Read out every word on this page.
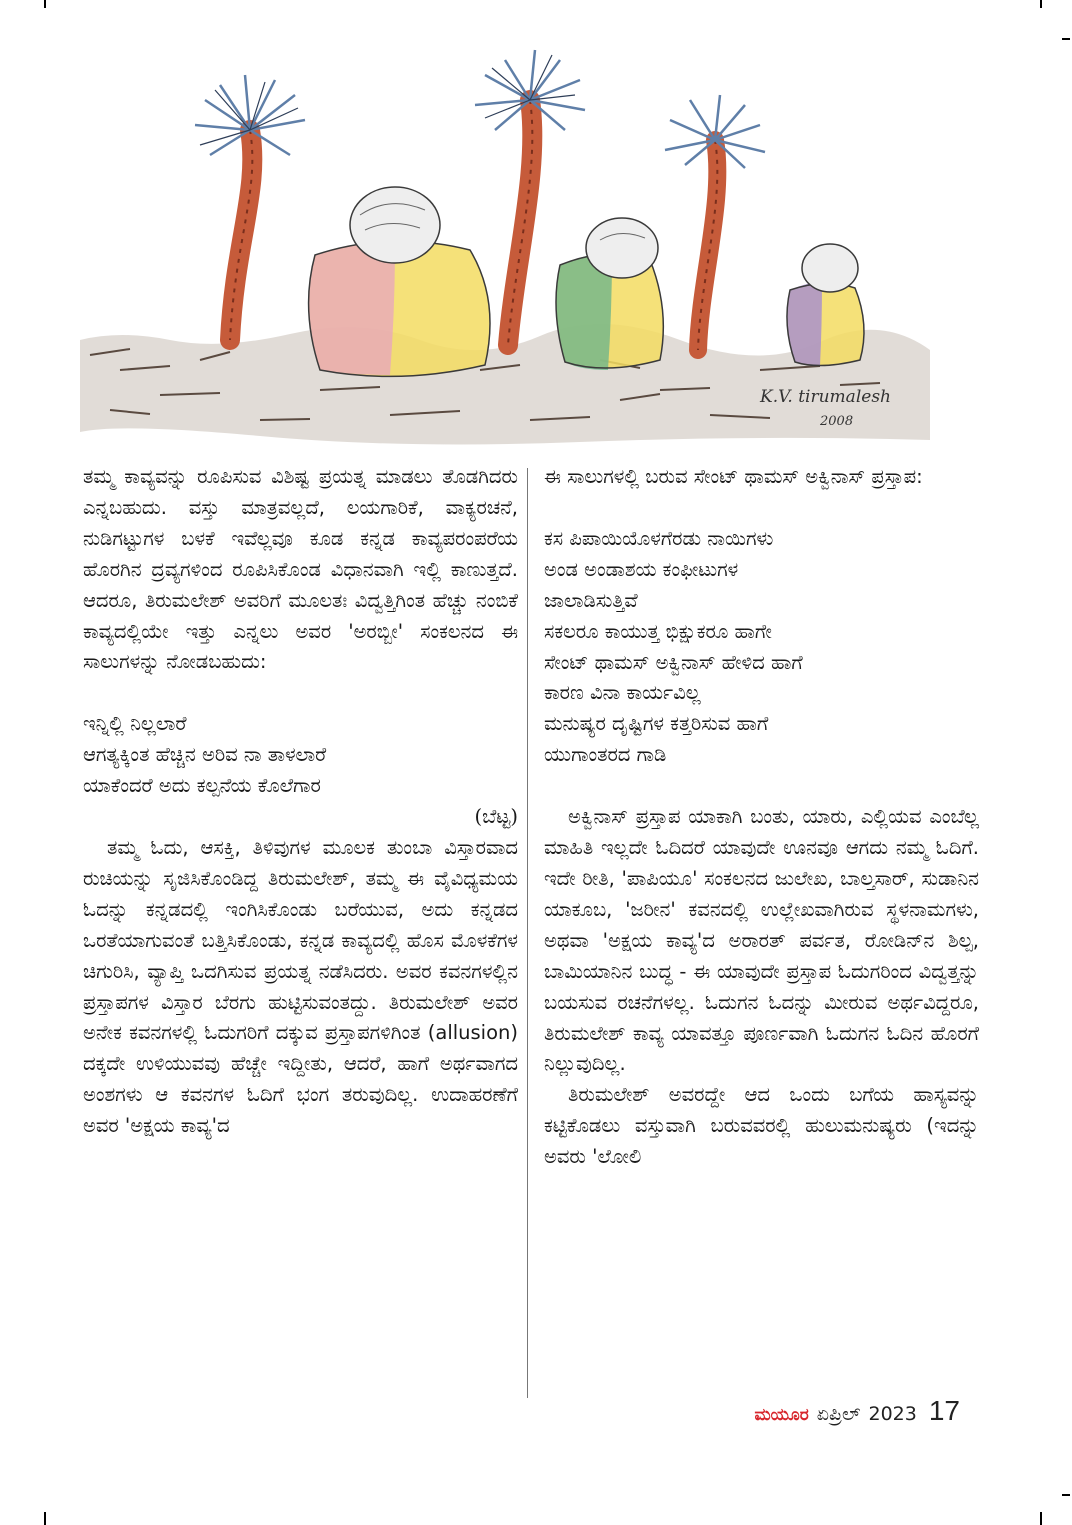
K.V. tirumalesh
2008

ತಮ್ಮ ಕಾವ್ಯವನ್ನು ರೂಪಿಸುವ ವಿಶಿಷ್ಟ ಪ್ರಯತ್ನ ಮಾಡಲು ತೊಡಗಿದರು ಎನ್ನಬಹುದು. ವಸ್ತು ಮಾತ್ರವಲ್ಲದೆ, ಲಯಗಾರಿಕೆ, ವಾಕ್ಯರಚನೆ, ನುಡಿಗಟ್ಟುಗಳ ಬಳಕೆ ಇವೆಲ್ಲವೂ ಕೂಡ ಕನ್ನಡ ಕಾವ್ಯಪರಂಪರೆಯ ಹೊರಗಿನ ದ್ರವ್ಯಗಳಿಂದ ರೂಪಿಸಿಕೊಂಡ ವಿಧಾನವಾಗಿ ಇಲ್ಲಿ ಕಾಣುತ್ತದೆ. ಆದರೂ, ತಿರುಮಲೇಶ್ ಅವರಿಗೆ ಮೂಲತಃ ವಿದ್ವತ್ತಿಗಿಂತ ಹೆಚ್ಚು ನಂಬಿಕೆ ಕಾವ್ಯದಲ್ಲಿಯೇ ಇತ್ತು ಎನ್ನಲು ಅವರ 'ಅರಬ್ಬೀ' ಸಂಕಲನದ ಈ ಸಾಲುಗಳನ್ನು ನೋಡಬಹುದು:

ಇನ್ನಿಲ್ಲಿ ನಿಲ್ಲಲಾರೆ

ಆಗತ್ಯಕ್ಕಿಂತ ಹೆಚ್ಚಿನ ಅರಿವ ನಾ ತಾಳಲಾರೆ

ಯಾಕೆಂದರೆ ಅದು ಕಲ್ಪನೆಯ ಕೊಲೆಗಾರ

(ಬೆಟ್ಟ)

ತಮ್ಮ ಓದು, ಆಸಕ್ತಿ, ತಿಳಿವುಗಳ ಮೂಲಕ ತುಂಬಾ ವಿಸ್ತಾರವಾದ ರುಚಿಯನ್ನು ಸೃಜಿಸಿಕೊಂಡಿದ್ದ ತಿರುಮಲೇಶ್, ತಮ್ಮ ಈ ವೈವಿಧ್ಯಮಯ ಓದನ್ನು ಕನ್ನಡದಲ್ಲಿ ಇಂಗಿಸಿಕೊಂಡು ಬರೆಯುವ, ಅದು ಕನ್ನಡದ ಒರತೆಯಾಗುವಂತೆ ಬತ್ತಿಸಿಕೊಂಡು, ಕನ್ನಡ ಕಾವ್ಯದಲ್ಲಿ ಹೊಸ ಮೊಳಕೆಗಳ ಚಿಗುರಿಸಿ, ವ್ಯಾಪ್ತಿ ಒದಗಿಸುವ ಪ್ರಯತ್ನ ನಡೆಸಿದರು. ಅವರ ಕವನಗಳಲ್ಲಿನ ಪ್ರಸ್ತಾಪಗಳ ವಿಸ್ತಾರ ಬೆರಗು ಹುಟ್ಟಿಸುವಂತದ್ದು. ತಿರುಮಲೇಶ್ ಅವರ ಅನೇಕ ಕವನಗಳಲ್ಲಿ ಓದುಗರಿಗೆ ದಕ್ಕುವ ಪ್ರಸ್ತಾಪಗಳಿಗಿಂತ (allusion) ದಕ್ಕದೇ ಉಳಿಯುವವು ಹೆಚ್ಚೇ ಇದ್ದೀತು, ಆದರೆ, ಹಾಗೆ ಅರ್ಥವಾಗದ ಅಂಶಗಳು ಆ ಕವನಗಳ ಓದಿಗೆ ಭಂಗ ತರುವುದಿಲ್ಲ. ಉದಾಹರಣೆಗೆ ಅವರ 'ಅಕ್ಷಯ ಕಾವ್ಯ'ದ

ಈ ಸಾಲುಗಳಲ್ಲಿ ಬರುವ ಸೇಂಟ್ ಥಾಮಸ್ ಅಕ್ವಿನಾಸ್ ಪ್ರಸ್ತಾಪ:

ಕಸ ಪಿಪಾಯಿಯೊಳಗೆರಡು ನಾಯಿಗಳು

ಅಂಡ ಅಂಡಾಶಯ ಕಂಫೀಟುಗಳ

ಜಾಲಾಡಿಸುತ್ತಿವೆ

ಸಕಲರೂ ಕಾಯುತ್ತ ಭಿಕ್ಷುಕರೂ ಹಾಗೇ

ಸೇಂಟ್ ಥಾಮಸ್ ಅಕ್ವಿನಾಸ್ ಹೇಳಿದ ಹಾಗೆ

ಕಾರಣ ವಿನಾ ಕಾರ್ಯವಿಲ್ಲ

ಮನುಷ್ಯರ ದೃಷ್ಟಿಗಳ ಕತ್ತರಿಸುವ ಹಾಗೆ

ಯುಗಾಂತರದ ಗಾಡಿ

ಅಕ್ವಿನಾಸ್ ಪ್ರಸ್ತಾಪ ಯಾಕಾಗಿ ಬಂತು, ಯಾರು, ಎಲ್ಲಿಯವ ಎಂಬೆಲ್ಲ ಮಾಹಿತಿ ಇಲ್ಲದೇ ಓದಿದರೆ ಯಾವುದೇ ಊನವೂ ಆಗದು ನಮ್ಮ ಓದಿಗೆ. ಇದೇ ರೀತಿ, 'ಪಾಪಿಯೂ' ಸಂಕಲನದ ಜುಲೇಖ, ಬಾಲ್ತಸಾರ್, ಸುಡಾನಿನ ಯಾಕೂಬ, 'ಜರೀನ' ಕವನದಲ್ಲಿ ಉಲ್ಲೇಖವಾಗಿರುವ ಸ್ಥಳನಾಮಗಳು, ಅಥವಾ 'ಅಕ್ಷಯ ಕಾವ್ಯ'ದ ಅರಾರತ್ ಪರ್ವತ, ರೋಡಿನ್‌ನ ಶಿಲ್ಪ, ಬಾಮಿಯಾನಿನ ಬುದ್ಧ - ಈ ಯಾವುದೇ ಪ್ರಸ್ತಾಪ ಓದುಗರಿಂದ ವಿದ್ವತ್ತನ್ನು ಬಯಸುವ ರಚನೆಗಳಲ್ಲ. ಓದುಗನ ಓದನ್ನು ಮೀರುವ ಅರ್ಥವಿದ್ದರೂ, ತಿರುಮಲೇಶ್ ಕಾವ್ಯ ಯಾವತ್ತೂ ಪೂರ್ಣವಾಗಿ ಓದುಗನ ಓದಿನ ಹೊರಗೆ ನಿಲ್ಲುವುದಿಲ್ಲ.

ತಿರುಮಲೇಶ್ ಅವರದ್ದೇ ಆದ ಒಂದು ಬಗೆಯ ಹಾಸ್ಯವನ್ನು ಕಟ್ಟಿಕೊಡಲು ವಸ್ತುವಾಗಿ ಬರುವವರಲ್ಲಿ ಹುಲುಮನುಷ್ಯರು (ಇದನ್ನು ಅವರು 'ಲೋಲಿ

ಮಯೂರ ಏಪ್ರಿಲ್ 2023 17
